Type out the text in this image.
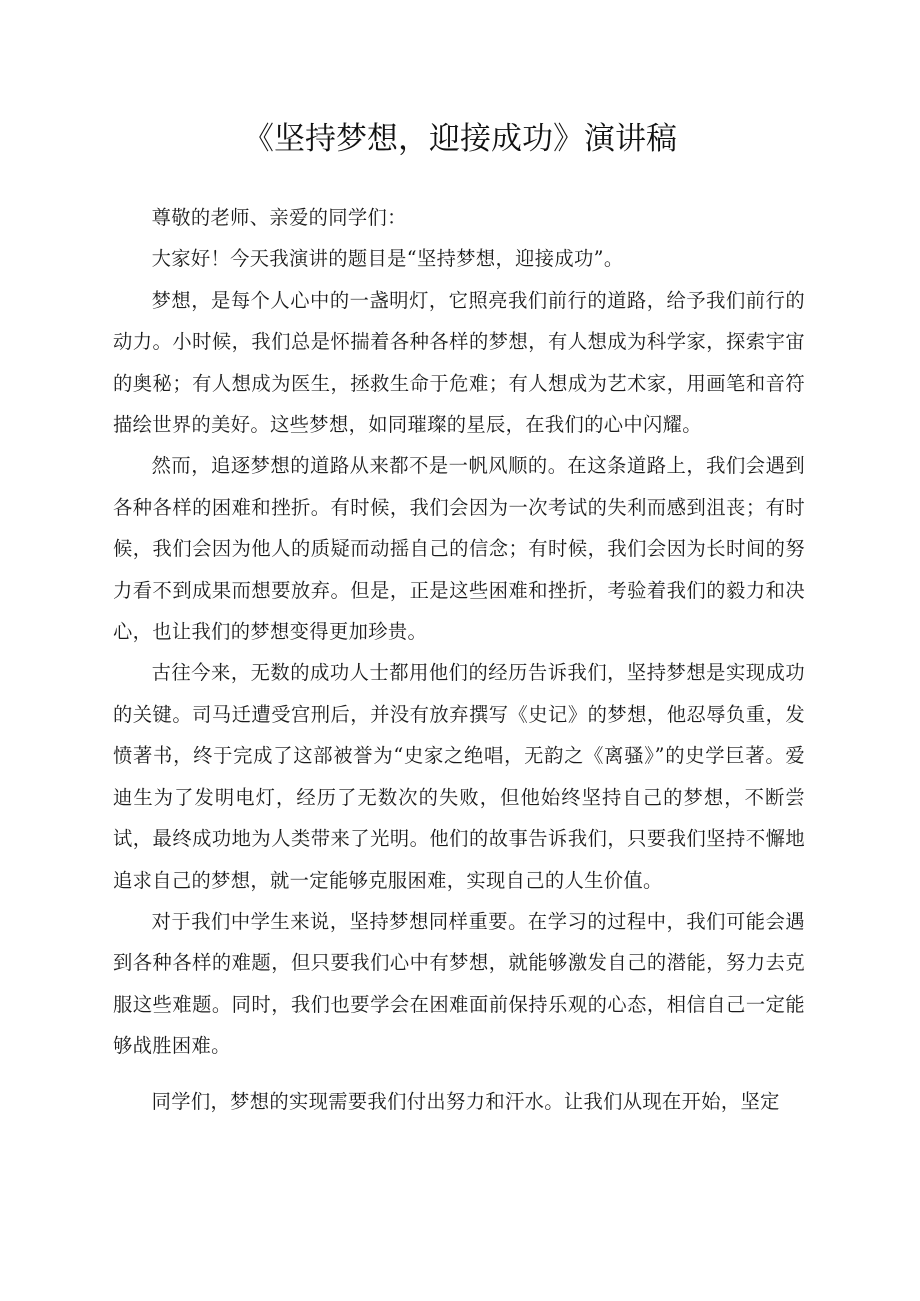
《坚持梦想，迎接成功》演讲稿

尊敬的老师、亲爱的同学们：

大家好！今天我演讲的题目是“坚持梦想，迎接成功”。

梦想，是每个人心中的一盏明灯，它照亮我们前行的道路，给予我们前行的动力。小时候，我们总是怀揣着各种各样的梦想，有人想成为科学家，探索宇宙的奥秘；有人想成为医生，拯救生命于危难；有人想成为艺术家，用画笔和音符描绘世界的美好。这些梦想，如同璀璨的星辰，在我们的心中闪耀。

然而，追逐梦想的道路从来都不是一帆风顺的。在这条道路上，我们会遇到各种各样的困难和挫折。有时候，我们会因为一次考试的失利而感到沮丧；有时候，我们会因为他人的质疑而动摇自己的信念；有时候，我们会因为长时间的努力看不到成果而想要放弃。但是，正是这些困难和挫折，考验着我们的毅力和决心，也让我们的梦想变得更加珍贵。

古往今来，无数的成功人士都用他们的经历告诉我们，坚持梦想是实现成功的关键。司马迁遭受宫刑后，并没有放弃撰写《史记》的梦想，他忍辱负重，发愤著书，终于完成了这部被誉为“史家之绝唱，无韵之《离骚》”的史学巨著。爱迪生为了发明电灯，经历了无数次的失败，但他始终坚持自己的梦想，不断尝试，最终成功地为人类带来了光明。他们的故事告诉我们，只要我们坚持不懈地追求自己的梦想，就一定能够克服困难，实现自己的人生价值。

对于我们中学生来说，坚持梦想同样重要。在学习的过程中，我们可能会遇到各种各样的难题，但只要我们心中有梦想，就能够激发自己的潜能，努力去克服这些难题。同时，我们也要学会在困难面前保持乐观的心态，相信自己一定能够战胜困难。

同学们，梦想的实现需要我们付出努力和汗水。让我们从现在开始，坚定
